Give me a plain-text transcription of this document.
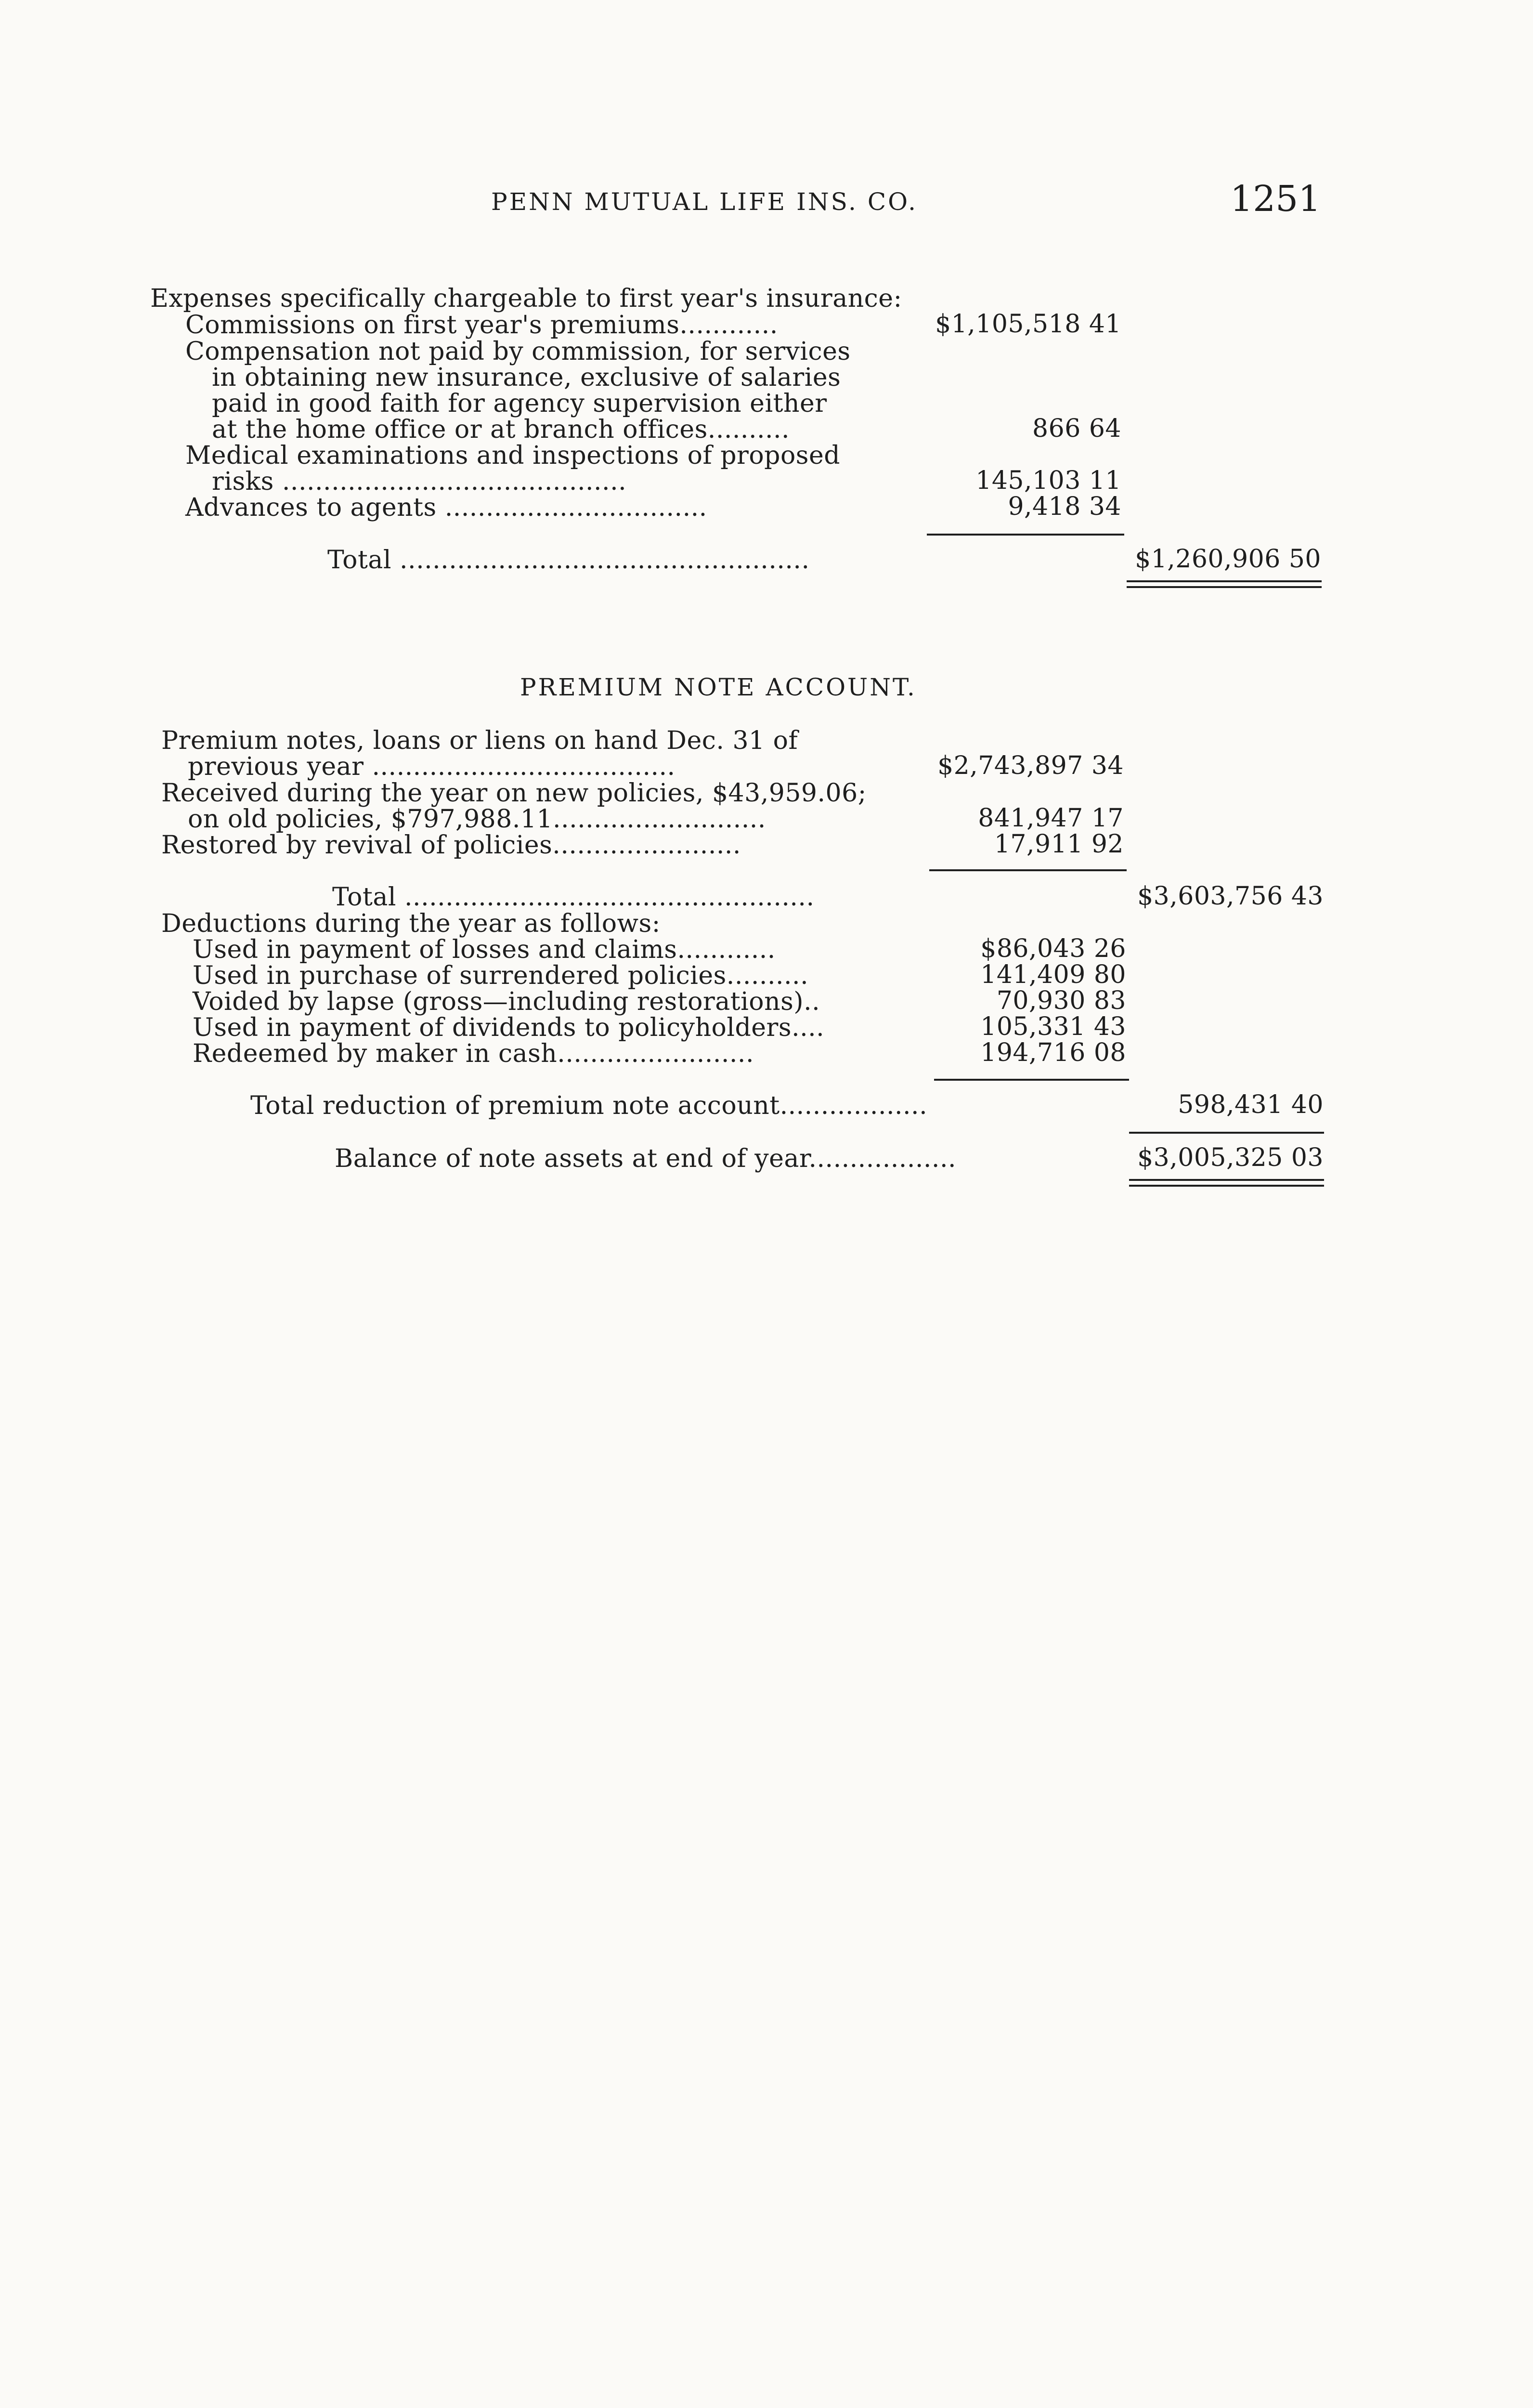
PENN MUTUAL LIFE INS. CO.	1251
Expenses specifically chargeable to first year's insurance:
Commissions on first year's premiums............	$1,105,518 41
Compensation not paid by commission, for services
in obtaining new insurance, exclusive of salaries
paid in good faith for agency supervision either
at the home office or at branch offices..........	866 64
Medical examinations and inspections of proposed
risks ..........................................	145,103 11
Advances to agents ................................	9,418 34
Total ..................................................	$1,260,906 50
PREMIUM NOTE ACCOUNT.
Premium notes, loans or liens on hand Dec. 31 of
previous year .....................................	$2,743,897 34
Received during the year on new policies, $43,959.06;
on old policies, $797,988.11..........................	841,947 17
Restored by revival of policies.......................	17,911 92
Total ..................................................	$3,603,756 43
Deductions during the year as follows:
Used in payment of losses and claims............	$86,043 26
Used in purchase of surrendered policies..........	141,409 80
Voided by lapse (gross—including restorations)..	70,930 83
Used in payment of dividends to policyholders....	105,331 43
Redeemed by maker in cash........................	194,716 08
Total reduction of premium note account..................	598,431 40
Balance of note assets at end of year..................	$3,005,325 03
